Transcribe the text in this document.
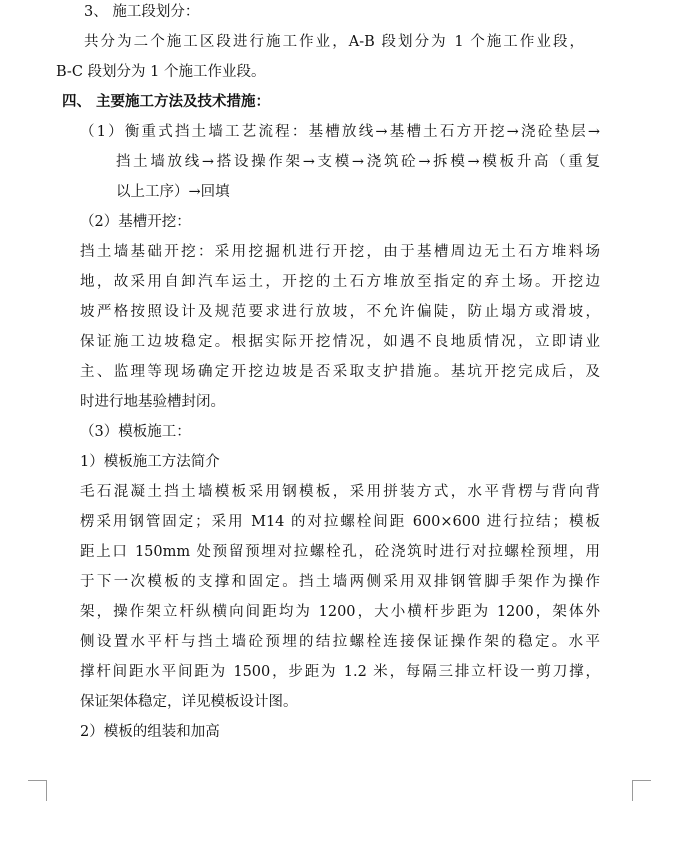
3、 施工段划分：
共分为二个施工区段进行施工作业，A-B 段划分为 1 个施工作业段，
B-C 段划分为 1 个施工作业段。
四、 主要施工方法及技术措施：
（1）衡重式挡土墙工艺流程：基槽放线→基槽土石方开挖→浇砼垫层→
挡土墙放线→搭设操作架→支模→浇筑砼→拆模→模板升高（重复
以上工序）→回填
（2）基槽开挖：
挡土墙基础开挖：采用挖掘机进行开挖，由于基槽周边无土石方堆料场
地，故采用自卸汽车运土，开挖的土石方堆放至指定的弃土场。开挖边
坡严格按照设计及规范要求进行放坡，不允许偏陡，防止塌方或滑坡，
保证施工边坡稳定。根据实际开挖情况，如遇不良地质情况，立即请业
主、监理等现场确定开挖边坡是否采取支护措施。基坑开挖完成后，及
时进行地基验槽封闭。
（3）模板施工：
1）模板施工方法简介
毛石混凝土挡土墙模板采用钢模板，采用拼装方式，水平背楞与背向背
楞采用钢管固定；采用 M14 的对拉螺栓间距 600×600 进行拉结；模板
距上口 150mm 处预留预埋对拉螺栓孔，砼浇筑时进行对拉螺栓预埋，用
于下一次模板的支撑和固定。挡土墙两侧采用双排钢管脚手架作为操作
架，操作架立杆纵横向间距均为 1200，大小横杆步距为 1200，架体外
侧设置水平杆与挡土墙砼预埋的结拉螺栓连接保证操作架的稳定。水平
撑杆间距水平间距为 1500，步距为 1.2 米，每隔三排立杆设一剪刀撑，
保证架体稳定，详见模板设计图。
2）模板的组装和加高
